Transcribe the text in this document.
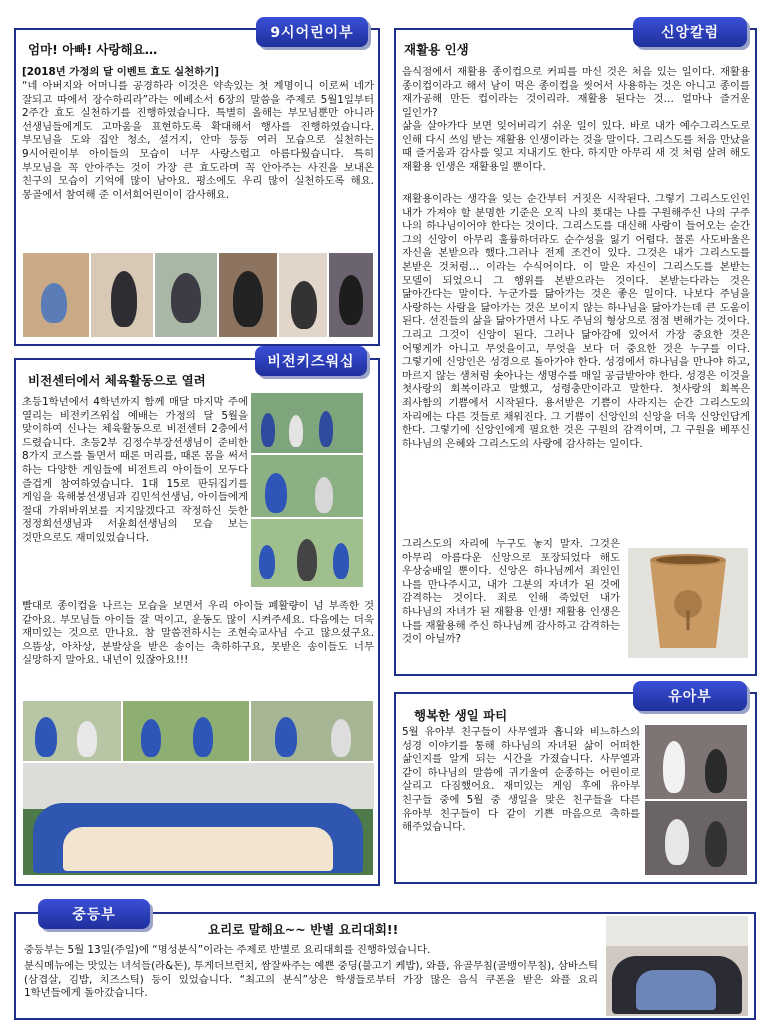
9시어린이부
엄마! 아빠! 사랑해요…
[2018년 가정의 달 이벤트 효도 실천하기]
“네 아버지와 어머니를 공경하라 이것은 약속있는 첫 계명이니 이로써 네가 잘되고 따에서 장수하리라”라는 에베소서 6장의 말씀을 주제로 5월1일부터 2주간 효도 실천하기를 진행하였습니다. 특별히 올해는 부모님뿐만 아니라 선생님들에게도 고마움을 표현하도록 확대해서 행사를 진행하였습니다. 부모님을 도와 집안 청소, 설거지, 안마 등등 여러 모습으로 실천하는 9시어린이부 아이들의 모습이 너무 사랑스럽고 아름다웠습니다. 특히 부모님을 꼭 안아주는 것이 가장 큰 효도라며 꼭 안아주는 사진을 보내온 친구의 모습이 기억에 많이 남아요. 평소에도 우리 많이 실천하도록 해요. 몽골에서 참여해 준 이서희어린이이 감사해요.
비전키즈워십
비전센터에서 체육활동으로 열려
초등1학년에서 4학년까지 함께 매달 마지막 주에 열리는 비전키즈워십 예배는 가정의 달 5월을 맞이하여 신나는 체육활동으로 비전센터 2층에서 드렸습니다. 초등2부 김정수부장선생님이 준비한 8가지 코스를 돌면서 때론 머리를, 때론 몸을 써서 하는 다양한 게임들에 비전트리 아이들이 모두다 즐겁게 참여하였습니다. 1대 15로 판뒤집기를 게임을 육해붕선생님과 김민석선생님, 아이들에게 절대 가위바위보를 지지않겠다고 작정하신 듯한 정정희선생님과 서윤희선생님의 모습 보는 것만으로도 재미있었습니다.
빨대로 종이컵을 나르는 모습을 보면서 우리 아이들 폐활량이 넘 부족한 것 같아요. 부모님들 아이들 잘 먹이고, 운동도 많이 시켜주세요. 다음에는 더욱 재미있는 것으로 만나요. 참 말씀전하시는 조현숙교사님 수고 많으셨구요. 으뜸상, 아차상, 분발상을 받은 송이는 축하하구요, 못받은 송이들도 너무 실망하지 말아요. 내년이 있잖아요!!!
신앙칼럼
재활용 인생
음식점에서 재활용 종이컵으로 커피를 마신 것은 처음 있는 일이다. 재활용 종이컵이라고 해서 남이 먹은 종이컵을 씻어서 사용하는 것은 아니고 종이를 재가공해 만든 컵이라는 것이리라. 재활용 된다는 것… 얼마나 즐거운 일인가?
삶을 살아가다 보면 잊어버리기 쉬운 일이 있다. 바로 내가 예수그리스도로 인해 다시 쓰임 받는 재활용 인생이라는 것을 말이다. 그리스도를 처음 만났을 때 즐거움과 감사를 잊고 지내기도 한다. 하지만 아무리 새 것 처럼 살려 해도 재활용 인생은 재활용일 뿐이다.
재활용이라는 생각을 잊는 순간부터 거짓은 시작된다. 그렇기 그리스도인인 내가 가져야 할 분명한 기준은 오직 나의 푯대는 나를 구원해주신 나의 구주 나의 하나님이어야 한다는 것이다. 그리스도를 대신해 사람이 들어오는 순간 그의 신앙이 아무리 훌륭하더라도 순수성을 잃기 어렵다. 물론 사도바울은 자신을 본받으라 했다.그러나 전제 조건이 있다. 그것은 내가 그리스도를 본받은 것처럼… 이라는 수식어이다. 이 말은 자신이 그리스도를 본받는 모델이 되었으니 그 행위를 본받으라는 것이다. 본받는다라는 것은 닮아간다는 말이다. 누군가를 닮아가는 것은 좋은 일이다. 나보다 주님을 사랑하는 사람을 닮아가는 것은 보이지 않는 하나님을 닮아가는데 큰 도움이 된다. 선진들의 삶을 닮아가면서 나도 주님의 형상으로 점점 변해가는 것이다. 그리고 그것이 신앙이 된다. 그러나 닮아감에 있어서 가장 중요한 것은 어떻게가 아니고 무엇을이고, 무엇을 보다 더 중요한 것은 누구를 이다. 그렇기에 신앙인은 성경으로 돌아가야 한다. 성경에서 하나님을 만나야 하고, 마르지 않는 샘처럼 솟아나는 생명수를 매일 공급받아야 한다. 성경은 이것을 첫사랑의 회복이라고 말했고, 성령충만이라고 말한다. 첫사랑의 회복은 죄사함의 기쁨에서 시작된다. 용서받은 기쁨이 사라지는 순간 그리스도의 자리에는 다른 것들로 채워진다. 그 기쁨이 신앙인의 신앙을 더욱 신앙인답게 한다. 그렇기에 신앙인에게 필요한 것은 구원의 감격이며, 그 구원을 베푸신 하나님의 은혜와 그리스도의 사랑에 감사하는 일이다.
그리스도의 자리에 누구도 놓지 말자. 그것은 아무리 아름다운 신앙으로 포장되었다 해도 우상숭배일 뿐이다. 신앙은 하나님께서 죄인인 나를 만나주시고, 내가 그분의 자녀가 된 것에 감격하는 것이다. 죄로 인해 죽었던 내가 하나님의 자녀가 된 재활용 인생! 재활용 인생은 나를 재활용해 주신 하나님께 감사하고 감격하는 것이 아닐까?
유아부
행복한 생일 파티
5월 유아부 친구들이 사무엘과 홉니와 비느하스의 성경 이야기를 통해 하나님의 자녀된 삶이 어떠한 삶인지를 알게 되는 시간을 가졌습니다. 사무엘과 같이 하나님의 말씀에 귀기울여 순종하는 어린이로 살리고 다짐했어요. 재미있는 게임 후에 유아부 친구들 중에 5월 중 생일을 맞은 친구들을 다른 유아부 친구들이 다 같이 기쁜 마음으로 축하를 해주었습니다.
중등부
요리로 말해요~~ 반별 요리대회!!
중등부는 5월 13일(주일)에 “명성분식”이라는 주제로 반별로 요리대회를 진행하였습니다.
분식메뉴에는 맛있는 녀석들(라&돈), 투게더브런치, 쌈잘싸주는 예쁜 중딩(불고기 케밥), 와플, 유골무침(골뱅이무침), 삼바스틱(삼겹살, 김밥, 치즈스틱) 등이 있었습니다. “최고의 분식”상은 학생들로부터 가장 많은 음식 쿠폰을 받은 와플 요리 1학년들에게 돌아갔습니다.
